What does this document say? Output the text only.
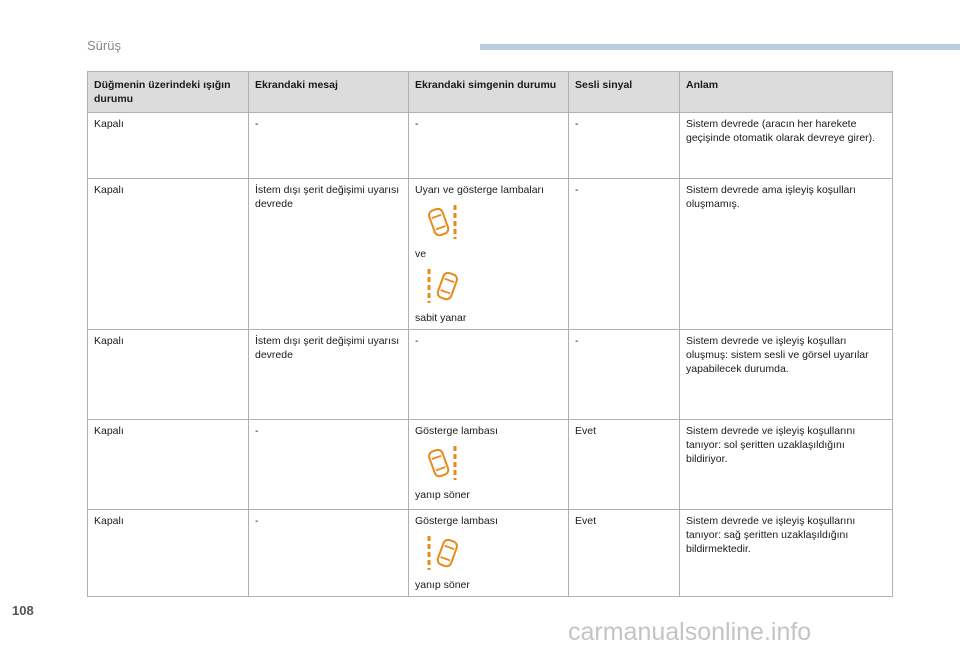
Sürüş
Düğmenin üzerindeki ışığın durumu	Ekrandaki mesaj	Ekrandaki simgenin durumu	Sesli sinyal	Anlam
Kapalı	-	-	-	Sistem devrede (aracın her harekete geçişinde otomatik olarak devreye girer).
Kapalı	İstem dışı şerit değişimi uyarısı devrede	Uyarı ve gösterge lambaları
ve
sabit yanar	-	Sistem devrede ama işleyiş koşulları oluşmamış.
Kapalı	İstem dışı şerit değişimi uyarısı devrede	-	-	Sistem devrede ve işleyiş koşulları oluşmuş: sistem sesli ve görsel uyarılar yapabilecek durumda.
Kapalı	-	Gösterge lambası
yanıp söner	Evet	Sistem devrede ve işleyiş koşullarını tanıyor: sol şeritten uzaklaşıldığını bildiriyor.
Kapalı	-	Gösterge lambası
yanıp söner	Evet	Sistem devrede ve işleyiş koşullarını tanıyor: sağ şeritten uzaklaşıldığını bildirmektedir.
108
carmanualsonline.info
